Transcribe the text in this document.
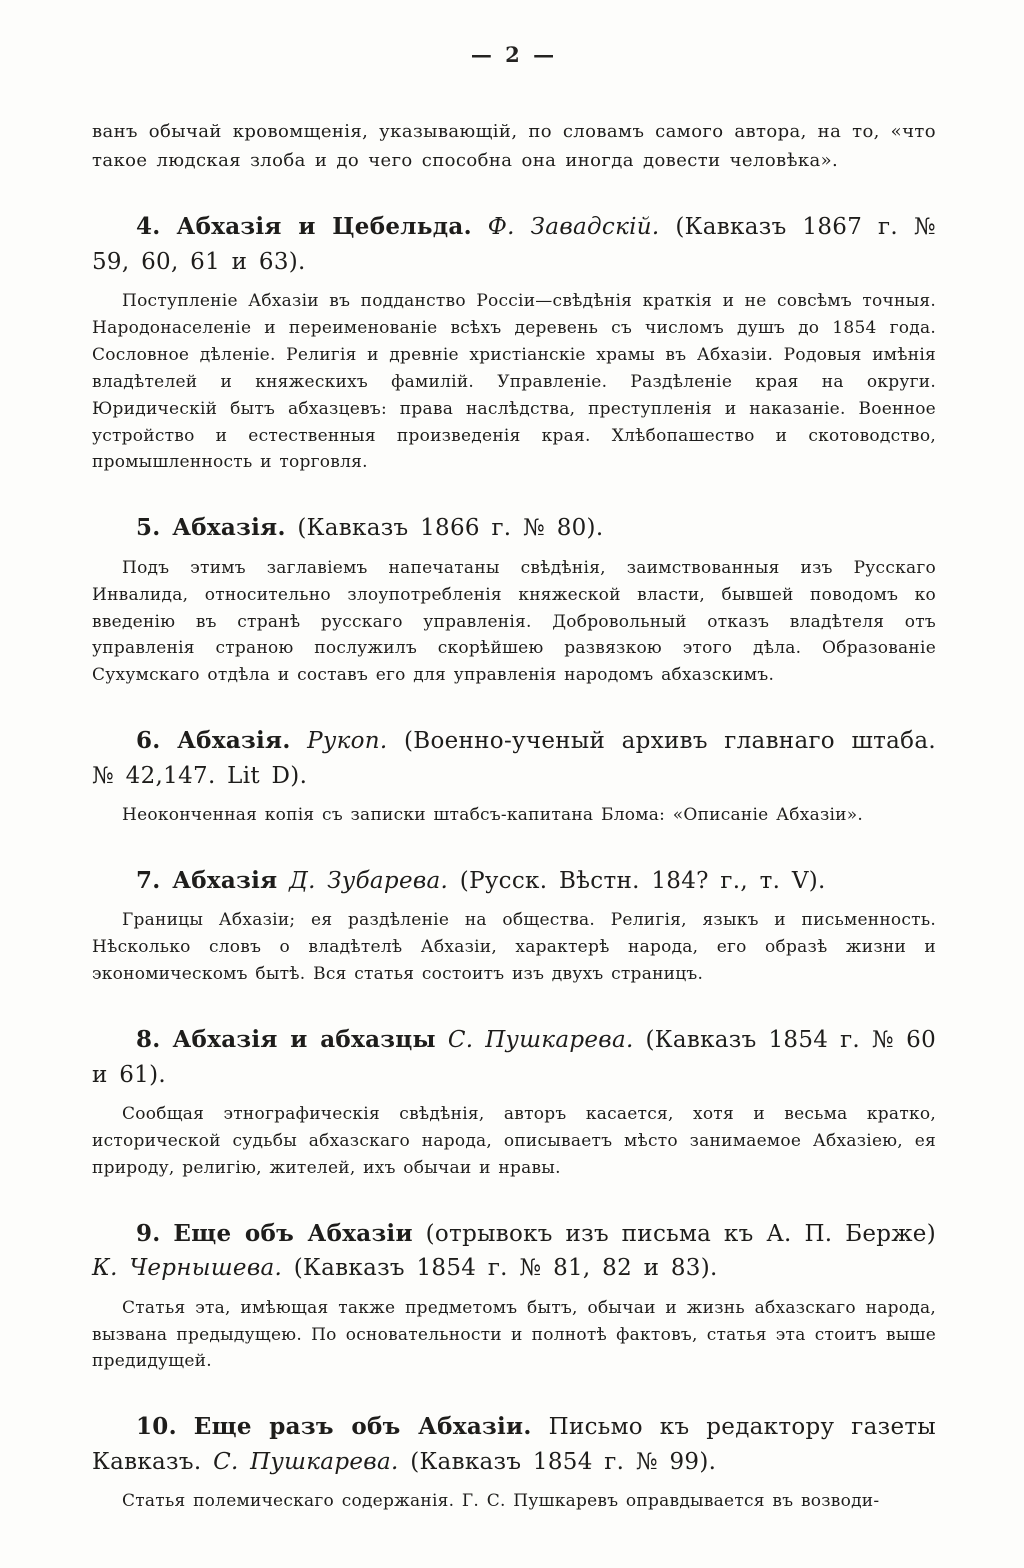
— 2 —

ванъ обычай кровомщенія, указывающій, по словамъ самого автора, на то, «что такое людская злоба и до чего способна она иногда довести человѣка».

4. Абхазія и Цебельда. Ф. Завадскій. (Кавказъ 1867 г. № 59, 60, 61 и 63).

Поступленіе Абхазіи въ подданство Россіи—свѣдѣнія краткія и не совсѣмъ точныя. Народонаселеніе и переименованіе всѣхъ деревень съ числомъ душъ до 1854 года. Сословное дѣленіе. Религія и древніе христіанскіе храмы въ Абхазіи. Родовыя имѣнія владѣтелей и княжескихъ фамилій. Управленіе. Раздѣленіе края на округи. Юридическій бытъ абхазцевъ: права наслѣдства, преступленія и наказаніе. Военное устройство и естественныя произведенія края. Хлѣбопашество и скотоводство, промышленность и торговля.

5. Абхазія. (Кавказъ 1866 г. № 80).

Подъ этимъ заглавіемъ напечатаны свѣдѣнія, заимствованныя изъ Русскаго Инвалида, относительно злоупотребленія княжеской власти, бывшей поводомъ ко введенію въ странѣ русскаго управленія. Добровольный отказъ владѣтеля отъ управленія страною послужилъ скорѣйшею развязкою этого дѣла. Образованіе Сухумскаго отдѣла и составъ его для управленія народомъ абхазскимъ.

6. Абхазія. Рукоп. (Военно-ученый архивъ главнаго штаба. № 42,147. Lit D).

Неоконченная копія съ записки штабсъ-капитана Блома: «Описаніе Абхазіи».

7. Абхазія Д. Зубарева. (Русск. Вѣстн. 184? г., т. V).

Границы Абхазіи; ея раздѣленіе на общества. Религія, языкъ и письменность. Нѣсколько словъ о владѣтелѣ Абхазіи, характерѣ народа, его образѣ жизни и экономическомъ бытѣ. Вся статья состоитъ изъ двухъ страницъ.

8. Абхазія и абхазцы С. Пушкарева. (Кавказъ 1854 г. № 60 и 61).

Сообщая этнографическія свѣдѣнія, авторъ касается, хотя и весьма кратко, исторической судьбы абхазскаго народа, описываетъ мѣсто занимаемое Абхазіею, ея природу, религію, жителей, ихъ обычаи и нравы.

9. Еще объ Абхазіи (отрывокъ изъ письма къ А. П. Берже) К. Чернышева. (Кавказъ 1854 г. № 81, 82 и 83).

Статья эта, имѣющая также предметомъ бытъ, обычаи и жизнь абхазскаго народа, вызвана предыдущею. По основательности и полнотѣ фактовъ, статья эта стоитъ выше предидущей.

10. Еще разъ объ Абхазіи. Письмо къ редактору газеты Кавказъ. С. Пушкарева. (Кавказъ 1854 г. № 99).

Статья полемическаго содержанія. Г. С. Пушкаревъ оправдывается въ возводи-
